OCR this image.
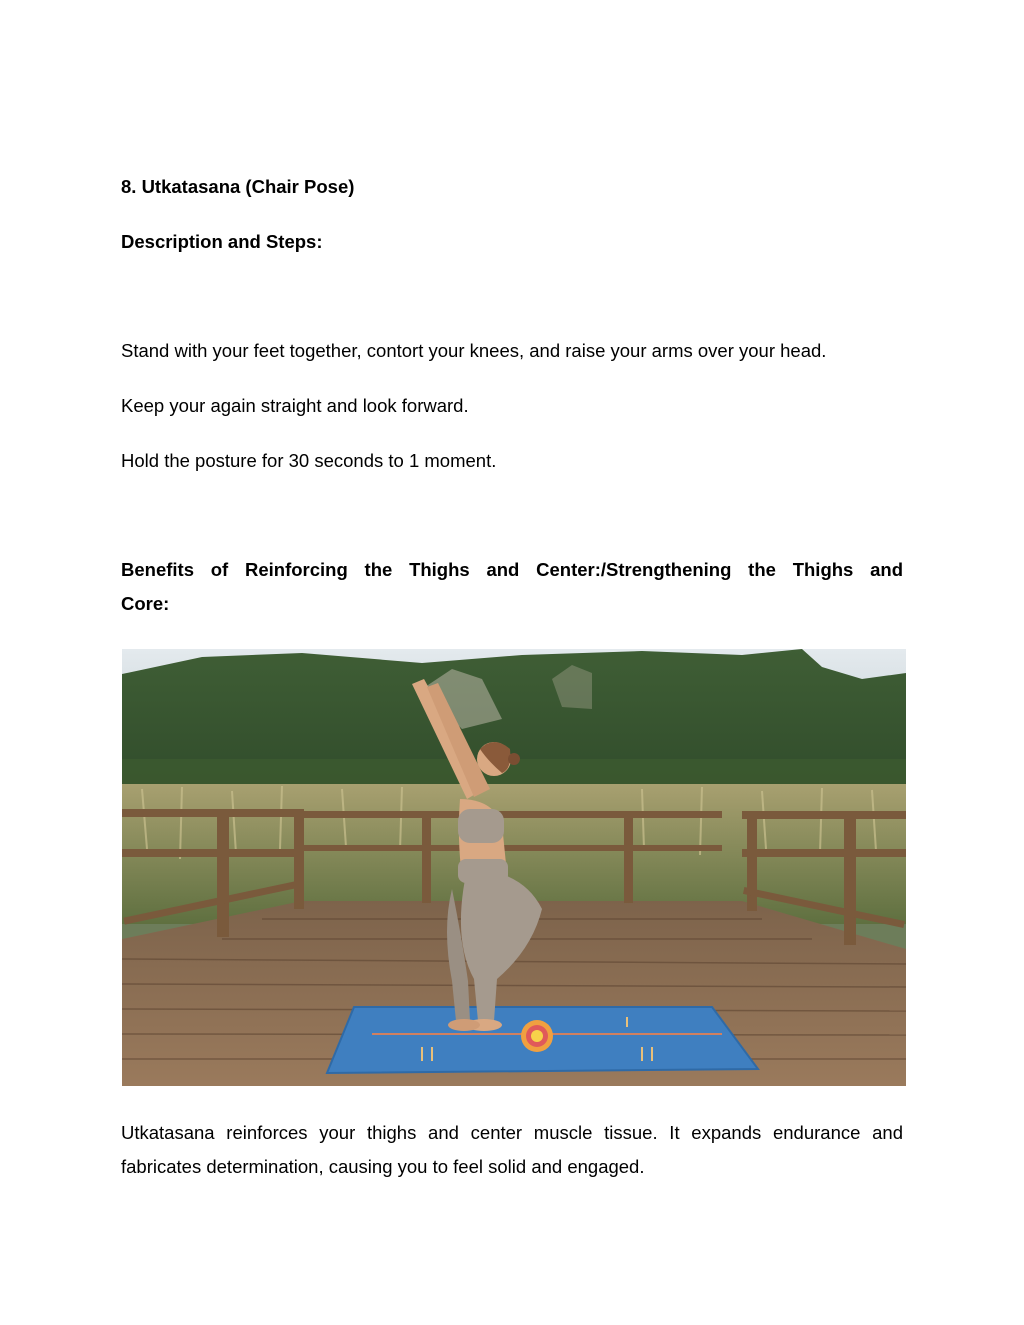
8. Utkatasana (Chair Pose)
Description and Steps:
Stand with your feet together, contort your knees, and raise your arms over your head.
Keep your again straight and look forward.
Hold the posture for 30 seconds to 1 moment.
Benefits of Reinforcing the Thighs and Center:/Strengthening the Thighs and
Core:
Utkatasana reinforces your thighs and center muscle tissue. It expands endurance and fabricates determination, causing you to feel solid and engaged.
